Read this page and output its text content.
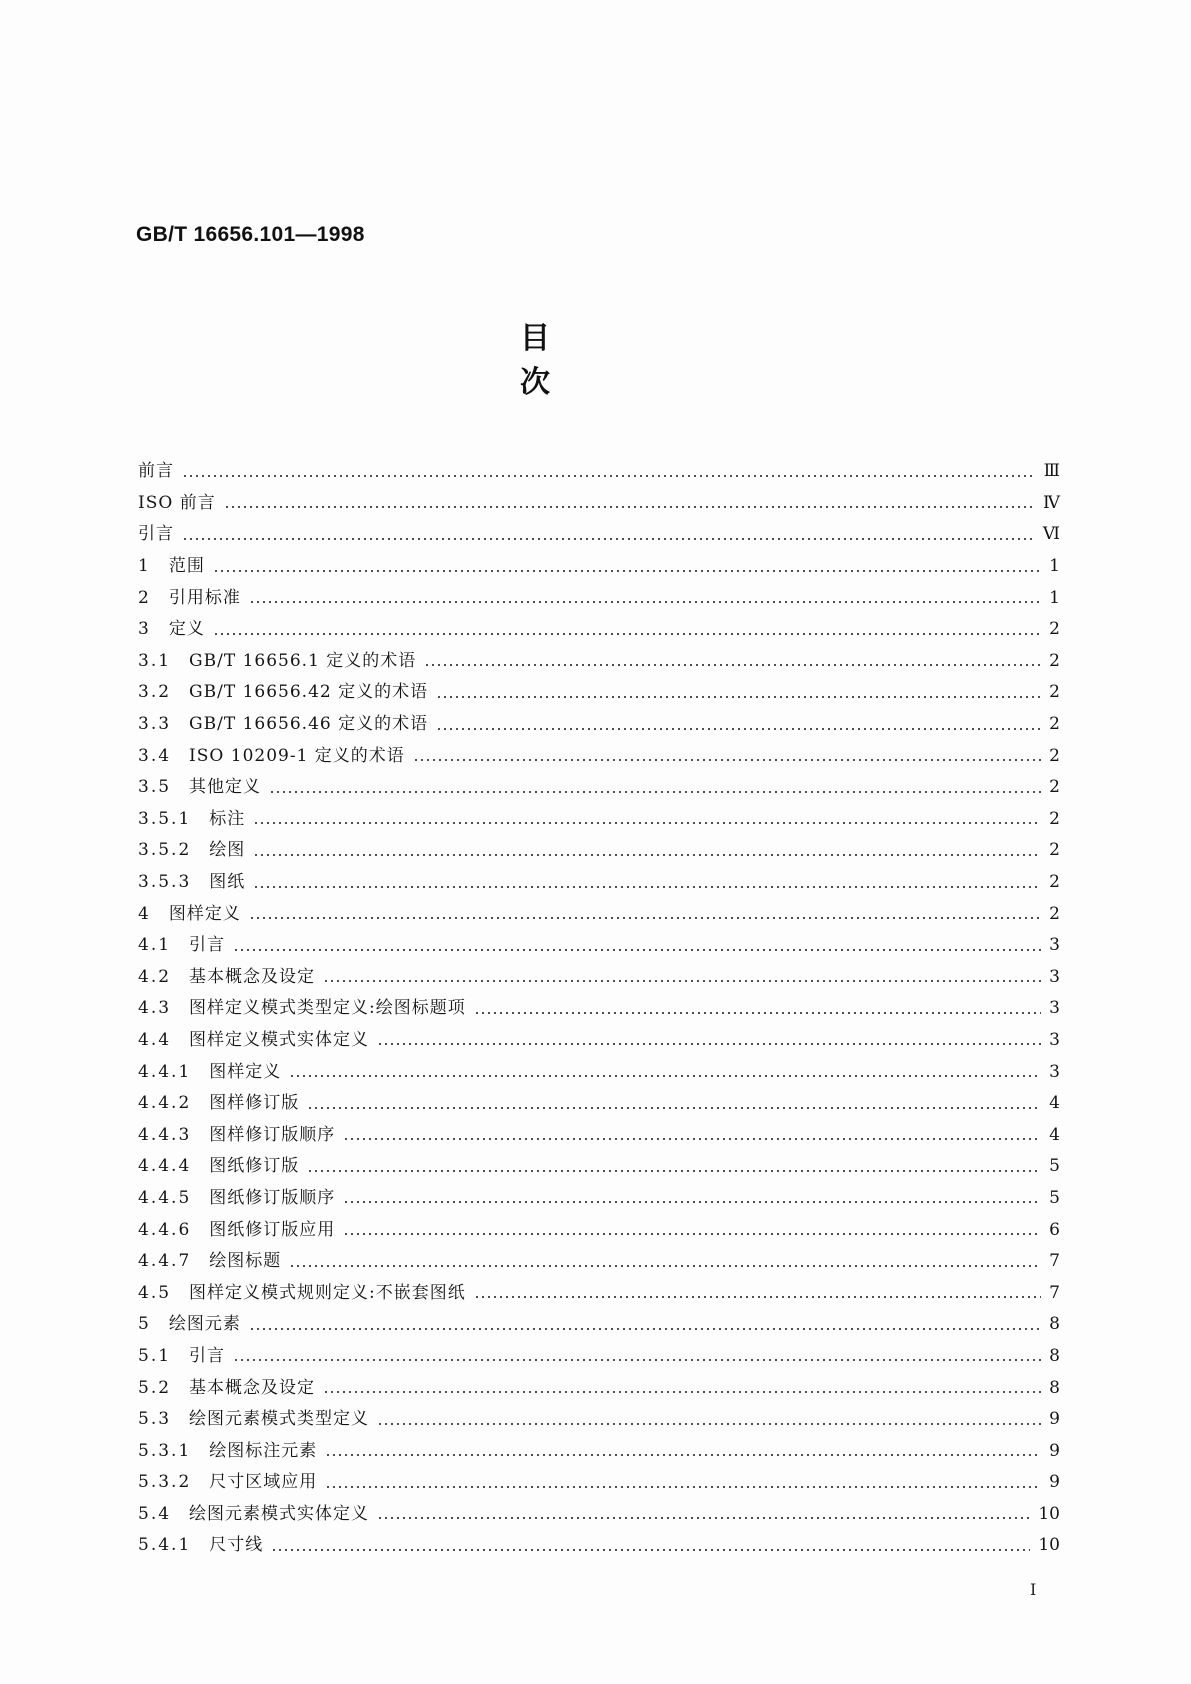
GB/T 16656.101—1998
目　次
前言	Ⅲ
ISO 前言	Ⅳ
引言	Ⅵ
1 范围	1
2 引用标准	1
3 定义	2
3.1 GB/T 16656.1 定义的术语	2
3.2 GB/T 16656.42 定义的术语	2
3.3 GB/T 16656.46 定义的术语	2
3.4 ISO 10209-1 定义的术语	2
3.5 其他定义	2
3.5.1 标注	2
3.5.2 绘图	2
3.5.3 图纸	2
4 图样定义	2
4.1 引言	3
4.2 基本概念及设定	3
4.3 图样定义模式类型定义:绘图标题项	3
4.4 图样定义模式实体定义	3
4.4.1 图样定义	3
4.4.2 图样修订版	4
4.4.3 图样修订版顺序	4
4.4.4 图纸修订版	5
4.4.5 图纸修订版顺序	5
4.4.6 图纸修订版应用	6
4.4.7 绘图标题	7
4.5 图样定义模式规则定义:不嵌套图纸	7
5 绘图元素	8
5.1 引言	8
5.2 基本概念及设定	8
5.3 绘图元素模式类型定义	9
5.3.1 绘图标注元素	9
5.3.2 尺寸区域应用	9
5.4 绘图元素模式实体定义	10
5.4.1 尺寸线	10
I
